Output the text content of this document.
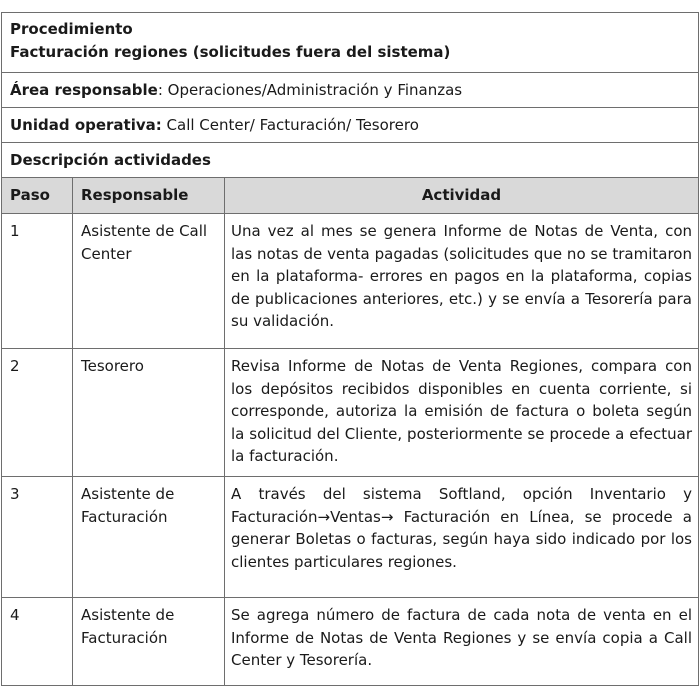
Procedimiento
Facturación regiones (solicitudes fuera del sistema)		

Área responsable: Operaciones/Administración y Finanzas		
Unidad operativa: Call Center/ Facturación/ Tesorero		
Descripción actividades		
Paso	Responsable	Actividad
1	Asistente de Call Center	Una vez al mes se genera Informe de Notas de Venta, con las notas de venta pagadas (solicitudes que no se tramitaron en la plataforma- errores en pagos en la plataforma, copias de publicaciones anteriores, etc.) y se envía a Tesorería para su validación.
2	Tesorero	Revisa Informe de Notas de Venta Regiones, compara con los depósitos recibidos disponibles en cuenta corriente, si corresponde, autoriza la emisión de factura o boleta según la solicitud del Cliente, posteriormente se procede a efectuar la facturación.
3	Asistente de Facturación	A través del sistema Softland, opción Inventario y Facturación→Ventas→ Facturación en Línea, se procede a generar Boletas o facturas, según haya sido indicado por los clientes particulares regiones.
4	Asistente de Facturación	Se agrega número de factura de cada nota de venta en el Informe de Notas de Venta Regiones y se envía copia a Call Center y Tesorería.
